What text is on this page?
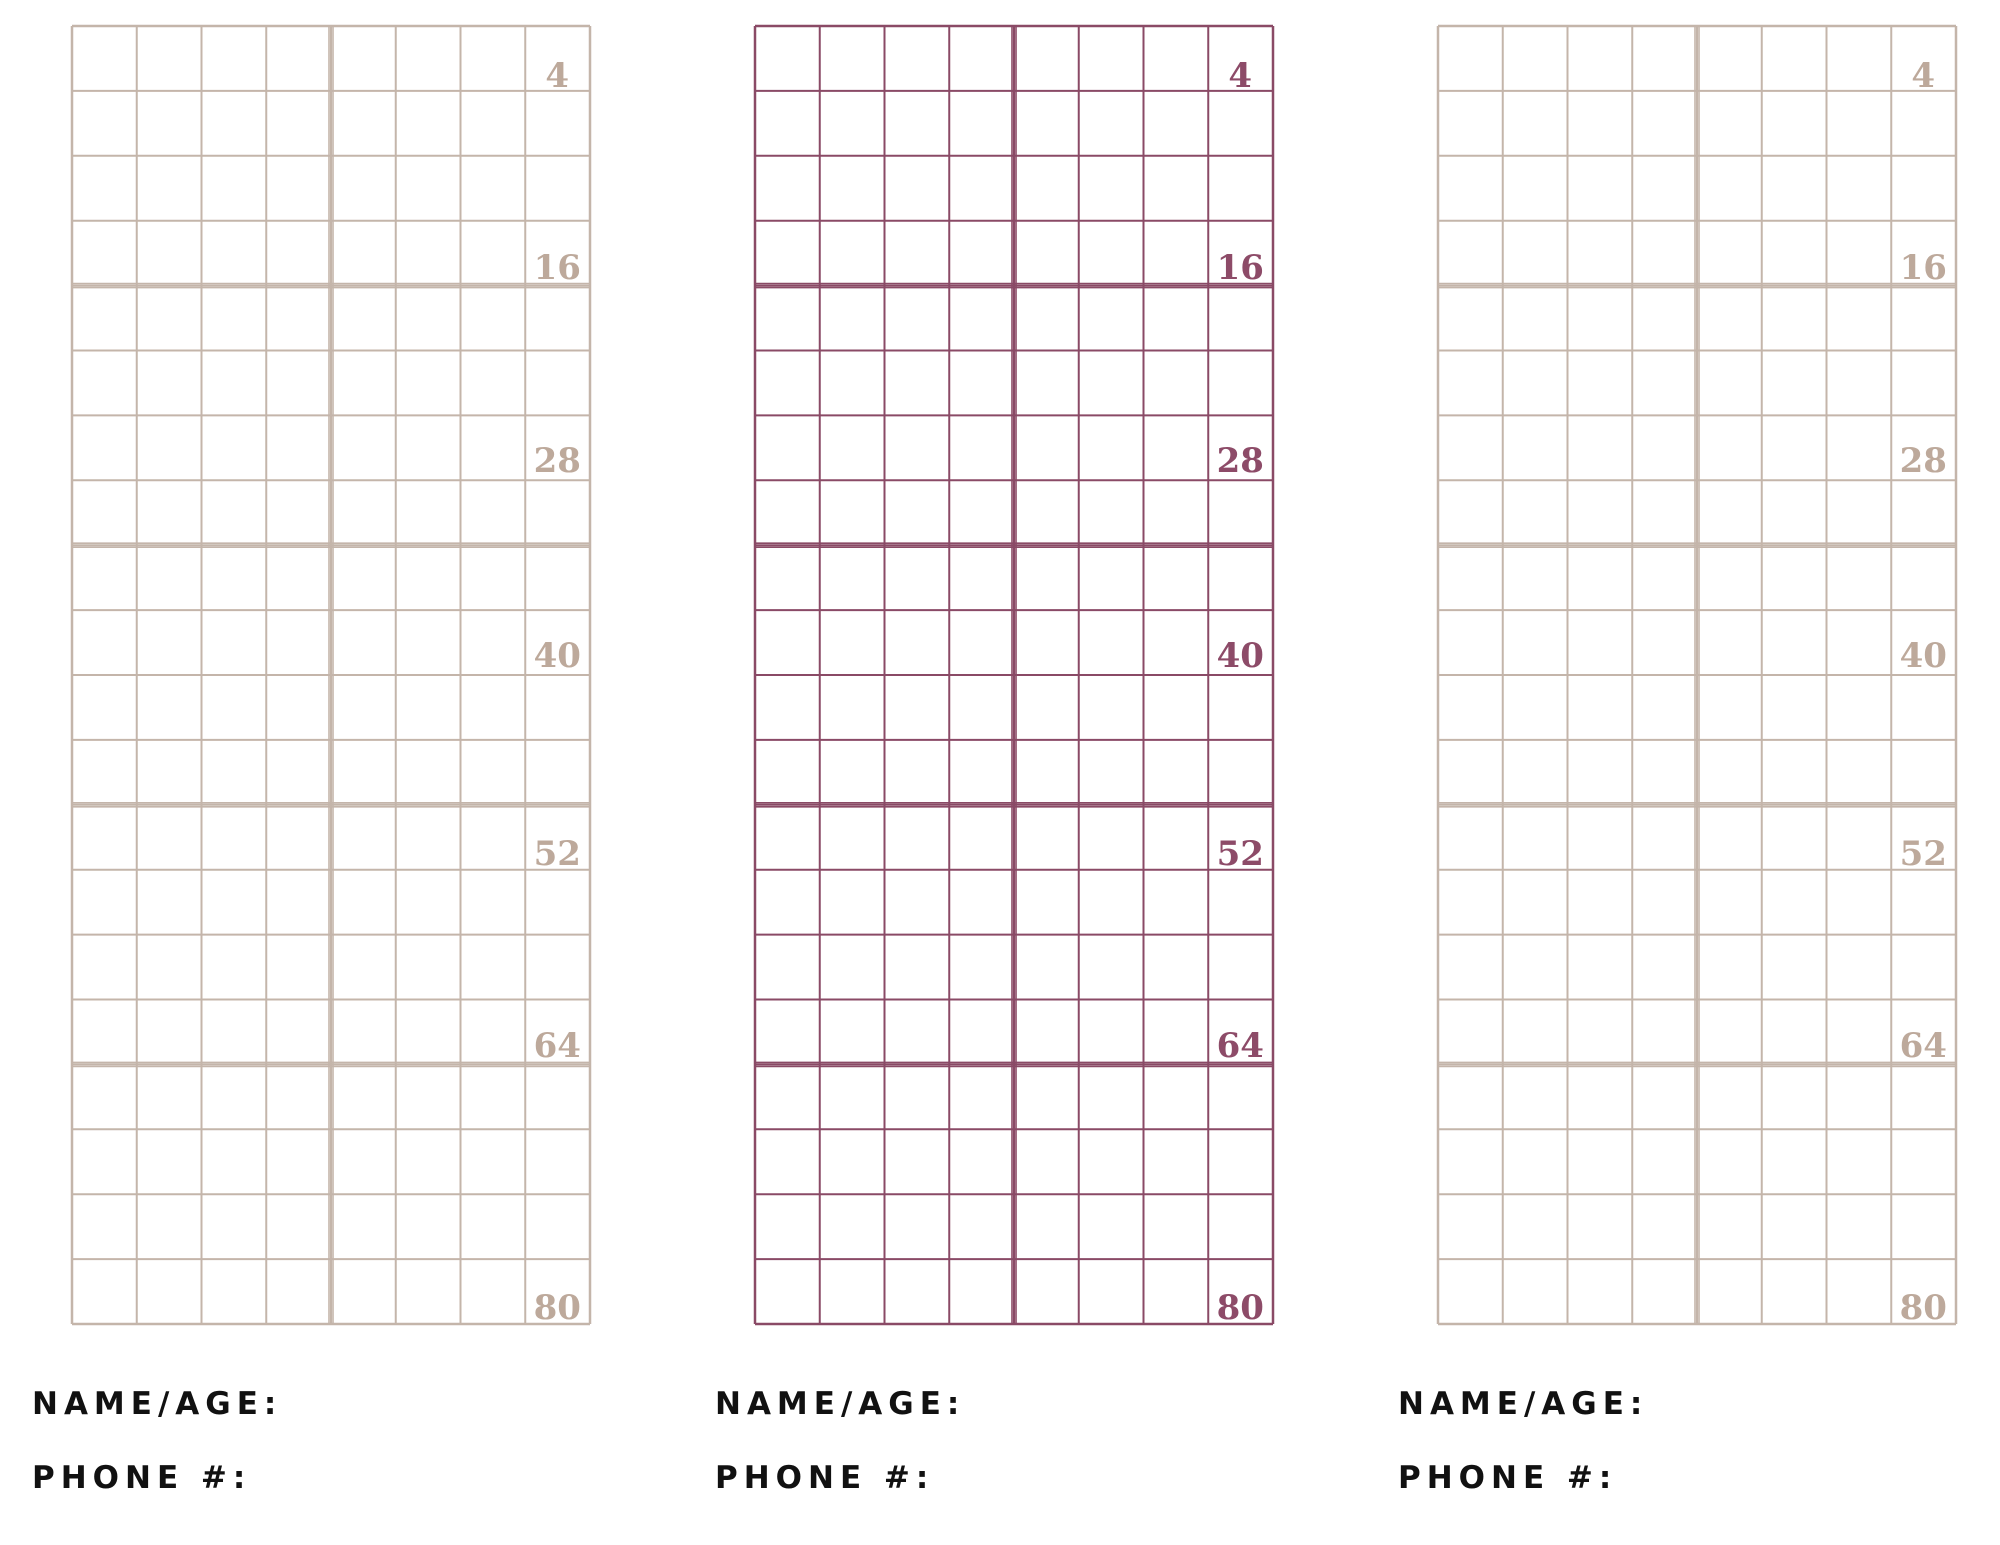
4
16
28
40
52
64
80
4
16
28
40
52
64
80
4
16
28
40
52
64
80
NAME/AGE:
PHONE #:
NAME/AGE:
PHONE #:
NAME/AGE:
PHONE #:
